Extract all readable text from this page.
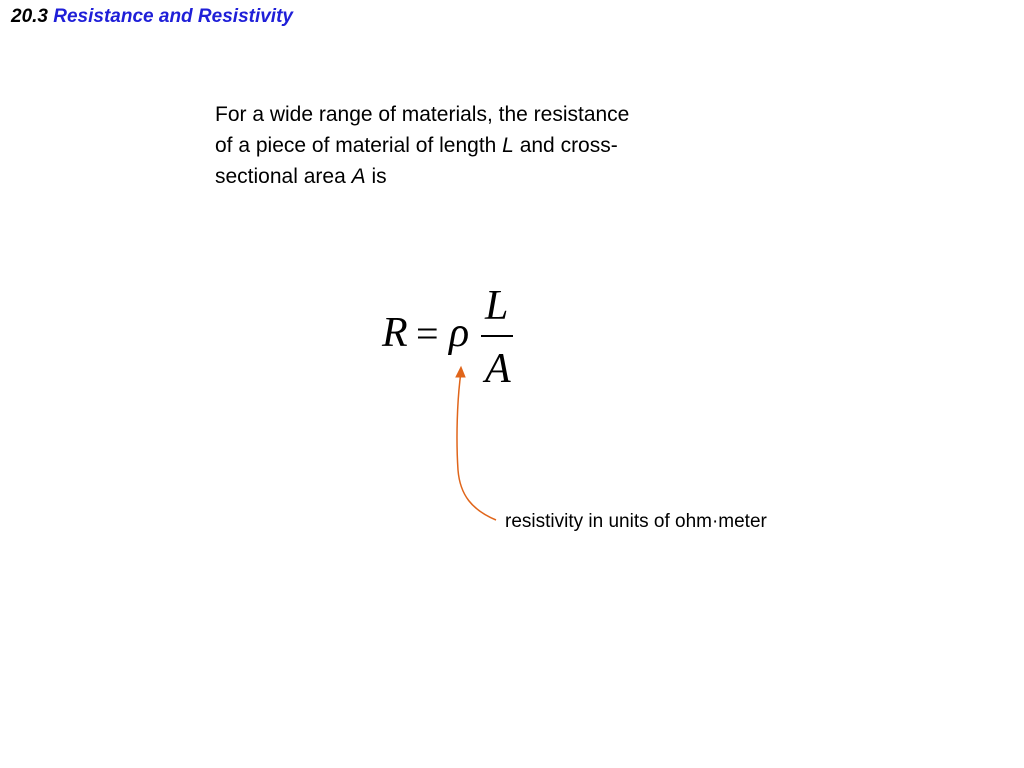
20.3 Resistance and Resistivity
For a wide range of materials, the resistance
of a piece of material of length L and cross-
sectional area A is
R = ρ
L
A
resistivity in units of ohm·meter
